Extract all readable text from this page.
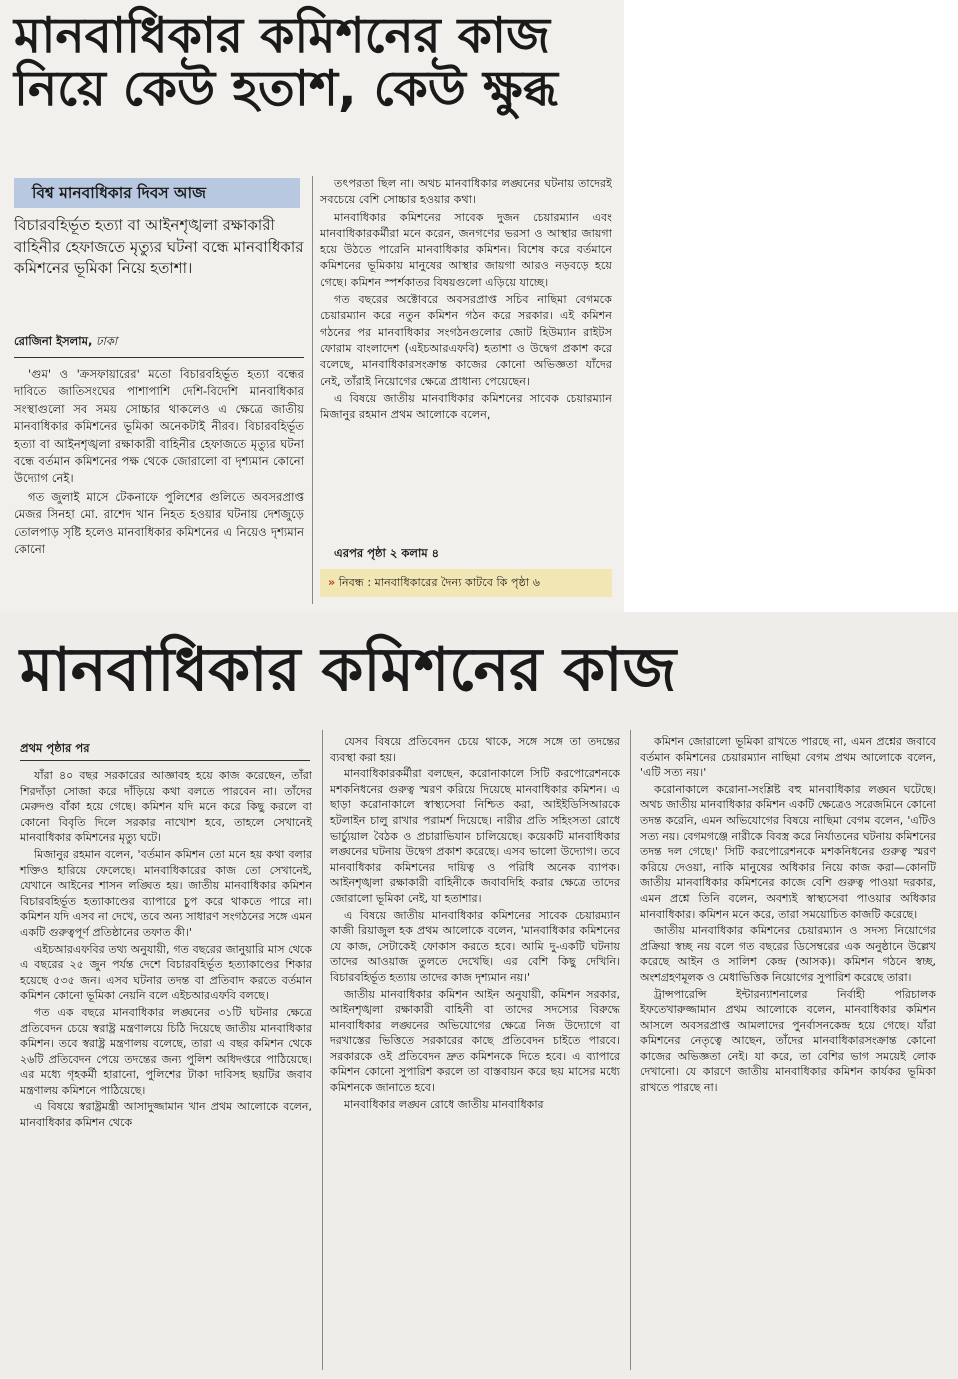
মানবাধিকার কমিশনের কাজ নিয়ে কেউ হতাশ, কেউ ক্ষুব্ধ
বিশ্ব মানবাধিকার দিবস আজ
বিচারবহির্ভূত হত্যা বা আইনশৃঙ্খলা রক্ষাকারী বাহিনীর হেফাজতে মৃত্যুর ঘটনা বন্ধে মানবাধিকার কমিশনের ভূমিকা নিয়ে হতাশা।
রোজিনা ইসলাম, ঢাকা

'গুম' ও 'ক্রসফায়ারের' মতো বিচারবহির্ভূত হত্যা বন্ধের দাবিতে জাতিসংঘের পাশাপাশি দেশি-বিদেশি মানবাধিকার সংস্থাগুলো সব সময় সোচ্চার থাকলেও এ ক্ষেত্রে জাতীয় মানবাধিকার কমিশনের ভূমিকা অনেকটাই নীরব। বিচারবহির্ভূত হত্যা বা আইনশৃঙ্খলা রক্ষাকারী বাহিনীর হেফাজতে মৃত্যুর ঘটনা বন্ধে বর্তমান কমিশনের পক্ষ থেকে জোরালো বা দৃশ্যমান কোনো উদ্যোগ নেই।

গত জুলাই মাসে টেকনাফে পুলিশের গুলিতে অবসরপ্রাপ্ত মেজর সিনহা মো. রাশেদ খান নিহত হওয়ার ঘটনায় দেশজুড়ে তোলপাড় সৃষ্টি হলেও মানবাধিকার কমিশনের এ নিয়েও দৃশ্যমান কোনো

তৎপরতা ছিল না। অথচ মানবাধিকার লঙ্ঘনের ঘটনায় তাদেরই সবচেয়ে বেশি সোচ্চার হওয়ার কথা।

মানবাধিকার কমিশনের সাবেক দুজন চেয়ারম্যান এবং মানবাধিকারকর্মীরা মনে করেন, জনগণের ভরসা ও আস্থার জায়গা হয়ে উঠতে পারেনি মানবাধিকার কমিশন। বিশেষ করে বর্তমানে কমিশনের ভূমিকায় মানুষের আস্থার জায়গা আরও নড়বড়ে হয়ে গেছে। কমিশন স্পর্শকাতর বিষয়গুলো এড়িয়ে যাচ্ছে।

গত বছরের অক্টোবরে অবসরপ্রাপ্ত সচিব নাছিমা বেগমকে চেয়ারম্যান করে নতুন কমিশন গঠন করে সরকার। এই কমিশন গঠনের পর মানবাধিকার সংগঠনগুলোর জোট হিউম্যান রাইটস ফোরাম বাংলাদেশ (এইচআরএফবি) হতাশা ও উদ্বেগ প্রকাশ করে বলেছে, মানবাধিকারসংক্রান্ত কাজের কোনো অভিজ্ঞতা যাঁদের নেই, তাঁরাই নিয়োগের ক্ষেত্রে প্রাধান্য পেয়েছেন।

এ বিষয়ে জাতীয় মানবাধিকার কমিশনের সাবেক চেয়ারম্যান মিজানুর রহমান প্রথম আলোকে বলেন,

এরপর পৃষ্ঠা ২ কলাম ৪
» নিবন্ধ : মানবাধিকারের দৈন্য কাটবে কি পৃষ্ঠা ৬
মানবাধিকার কমিশনের কাজ
প্রথম পৃষ্ঠার পর

যাঁরা ৪০ বছর সরকারের আজ্ঞাবহ হয়ে কাজ করেছেন, তাঁরা শিরদাঁড়া সোজা করে দাঁড়িয়ে কথা বলতে পারবেন না। তাঁদের মেরুদণ্ড বাঁকা হয়ে গেছে। কমিশন যদি মনে করে কিছু করলে বা কোনো বিবৃতি দিলে সরকার নাখোশ হবে, তাহলে সেখানেই মানবাধিকার কমিশনের মৃত্যু ঘটে।

মিজানুর রহমান বলেন, 'বর্তমান কমিশন তো মনে হয় কথা বলার শক্তিও হারিয়ে ফেলেছে। মানবাধিকারের কাজ তো সেখানেই, যেখানে আইনের শাসন লঙ্ঘিত হয়। জাতীয় মানবাধিকার কমিশন বিচারবহির্ভূত হত্যাকাণ্ডের ব্যাপারে চুপ করে থাকতে পারে না। কমিশন যদি এসব না দেখে, তবে অন্য সাধারণ সংগঠনের সঙ্গে এমন একটি গুরুত্বপূর্ণ প্রতিষ্ঠানের তফাত কী।'

এইচআরএফবির তথ্য অনুযায়ী, গত বছরের জানুয়ারি মাস থেকে এ বছরের ২৫ জুন পর্যন্ত দেশে বিচারবহির্ভূত হত্যাকাণ্ডের শিকার হয়েছে ৫৩৫ জন। এসব ঘটনার তদন্ত বা প্রতিবাদ করতে বর্তমান কমিশন কোনো ভূমিকা নেয়নি বলে এইচআরএফবি বলছে।

গত এক বছরে মানবাধিকার লঙ্ঘনের ৩১টি ঘটনার ক্ষেত্রে প্রতিবেদন চেয়ে স্বরাষ্ট্র মন্ত্রণালয়ে চিঠি দিয়েছে জাতীয় মানবাধিকার কমিশন। তবে স্বরাষ্ট্র মন্ত্রণালয় বলেছে, তারা এ বছর কমিশন থেকে ২৬টি প্রতিবেদন পেয়ে তদন্তের জন্য পুলিশ অধিদপ্তরে পাঠিয়েছে। এর মধ্যে গৃহকর্মী হারানো, পুলিশের টাকা দাবিসহ ছয়টির জবাব মন্ত্রণালয় কমিশনে পাঠিয়েছে।

এ বিষয়ে স্বরাষ্ট্রমন্ত্রী আসাদুজ্জামান খান প্রথম আলোকে বলেন, মানবাধিকার কমিশন থেকে

যেসব বিষয়ে প্রতিবেদন চেয়ে থাকে, সঙ্গে সঙ্গে তা তদন্তের ব্যবস্থা করা হয়।

মানবাধিকারকর্মীরা বলছেন, করোনাকালে সিটি করপোরেশনকে মশকনিধনের গুরুত্ব স্মরণ করিয়ে দিয়েছে মানবাধিকার কমিশন। এ ছাড়া করোনাকালে স্বাস্থ্যসেবা নিশ্চিত করা, আইইডিসিআরকে হটলাইন চালু রাখার পরামর্শ দিয়েছে। নারীর প্রতি সহিংসতা রোধে ভার্চ্যুয়াল বৈঠক ও প্রচারাভিযান চালিয়েছে। কয়েকটি মানবাধিকার লঙ্ঘনের ঘটনায় উদ্বেগ প্রকাশ করেছে। এসব ভালো উদ্যোগ। তবে মানবাধিকার কমিশনের দায়িত্ব ও পরিধি অনেক ব্যাপক। আইনশৃঙ্খলা রক্ষাকারী বাহিনীকে জবাবদিহি করার ক্ষেত্রে তাদের জোরালো ভূমিকা নেই, যা হতাশার।

এ বিষয়ে জাতীয় মানবাধিকার কমিশনের সাবেক চেয়ারম্যান কাজী রিয়াজুল হক প্রথম আলোকে বলেন, 'মানবাধিকার কমিশনের যে কাজ, সেটাকেই ফোকাস করতে হবে। আমি দু-একটি ঘটনায় তাদের আওয়াজ তুলতে দেখেছি। এর বেশি কিছু দেখিনি। বিচারবহির্ভূত হত্যায় তাদের কাজ দৃশ্যমান নয়।'

জাতীয় মানবাধিকার কমিশন আইন অনুযায়ী, কমিশন সরকার, আইনশৃঙ্খলা রক্ষাকারী বাহিনী বা তাদের সদস্যের বিরুদ্ধে মানবাধিকার লঙ্ঘনের অভিযোগের ক্ষেত্রে নিজ উদ্যোগে বা দরখাস্তের ভিত্তিতে সরকারের কাছে প্রতিবেদন চাইতে পারবে। সরকারকে ওই প্রতিবেদন দ্রুত কমিশনকে দিতে হবে। এ ব্যাপারে কমিশন কোনো সুপারিশ করলে তা বাস্তবায়ন করে ছয় মাসের মধ্যে কমিশনকে জানাতে হবে।

মানবাধিকার লঙ্ঘন রোধে জাতীয় মানবাধিকার

কমিশন জোরালো ভূমিকা রাখতে পারছে না, এমন প্রশ্নের জবাবে বর্তমান কমিশনের চেয়ারম্যান নাছিমা বেগম প্রথম আলোকে বলেন, 'এটি সত্য নয়।'

করোনাকালে করোনা-সংশ্লিষ্ট বহু মানবাধিকার লঙ্ঘন ঘটেছে। অথচ জাতীয় মানবাধিকার কমিশন একটি ক্ষেত্রেও সরেজমিনে কোনো তদন্ত করেনি, এমন অভিযোগের বিষয়ে নাছিমা বেগম বলেন, 'এটিও সত্য নয়। বেগমগঞ্জে নারীকে বিবস্ত্র করে নির্যাতনের ঘটনায় কমিশনের তদন্ত দল গেছে।' সিটি করপোরেশনকে মশকনিধনের গুরুত্ব স্মরণ করিয়ে দেওয়া, নাকি মানুষের অধিকার নিয়ে কাজ করা—কোনটি জাতীয় মানবাধিকার কমিশনের কাজে বেশি গুরুত্ব পাওয়া দরকার, এমন প্রশ্নে তিনি বলেন, অবশ্যই স্বাস্থ্যসেবা পাওয়ার অধিকার মানবাধিকার। কমিশন মনে করে, তারা সময়োচিত কাজটি করেছে।

জাতীয় মানবাধিকার কমিশনের চেয়ারম্যান ও সদস্য নিয়োগের প্রক্রিয়া স্বচ্ছ নয় বলে গত বছরের ডিসেম্বরের এক অনুষ্ঠানে উল্লেখ করেছে আইন ও সালিশ কেন্দ্র (আসক)। কমিশন গঠনে স্বচ্ছ, অংশগ্রহণমূলক ও মেধাভিত্তিক নিয়োগের সুপারিশ করেছে তারা।

ট্রান্সপারেন্সি ইন্টারন্যাশনালের নির্বাহী পরিচালক ইফতেখারুজ্জামান প্রথম আলোকে বলেন, মানবাধিকার কমিশন আসলে অবসরপ্রাপ্ত আমলাদের পুনর্বাসনকেন্দ্র হয়ে গেছে। যাঁরা কমিশনের নেতৃত্বে আছেন, তাঁদের মানবাধিকারসংক্রান্ত কোনো কাজের অভিজ্ঞতা নেই। যা করে, তা বেশির ভাগ সময়েই লোক দেখানো। যে কারণে জাতীয় মানবাধিকার কমিশন কার্যকর ভূমিকা রাখতে পারছে না।
